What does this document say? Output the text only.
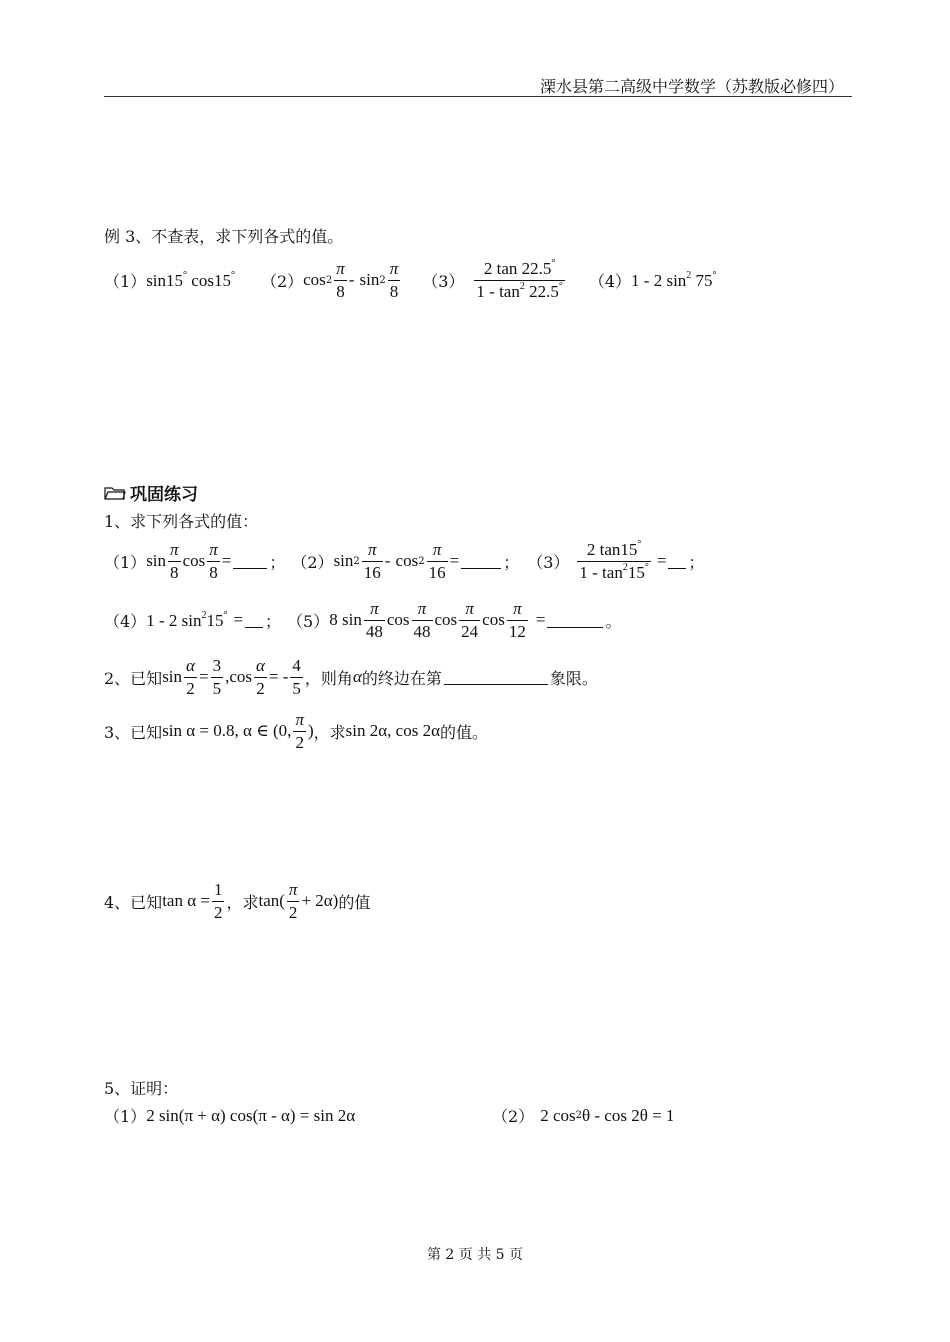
溧水县第二高级中学数学（苏教版必修四）
例 3、不查表，求下列各式的值。
（1） sin15° cos15° （2） cos 2
π
8
-
sin 2
π
8
（3）
2 tan 22.5°
$1 - \tan^2 22.5^\circ$ （4） 1 - 2 $\sin^2 75^\circ$
巩固练习
1、求下列各式的值：
（1） sin
π
8
$\cos \frac{\pi}{8}$ = ； （2） sin 2
π
16
-
$\cos 2 \frac{\pi}{16}$ =	； $(3) \frac{2 \tan 15^\circ}{1 - \tan^215^\circ}$ = ；
（4） 1 - 2 $\sin^215^\circ$ = ； （5） 8 sin
π
48
cos
π
48
cos
π
24
$\cos \frac{\pi}{12}$ =	。
2、已知 $\sin \frac{\alpha}{2} = \frac{3}{5}$ , $\cos \frac{\alpha}{2}$ = -
4
5
，则角 α 的终边在第	象限。
3、已知 sin α = 0.8, α ∈ (0,
π
2
) ，求 sin 2α, cos 2α 的值。
4、已知 $\tan \alpha = \frac{1}{2}$ ，求 tan(
π
2
+ 2α) 的值
5、证明：
（1） 2 sin(π + α) cos(π - α) = sin 2α	（2） 2 cos 2 θ - cos 2θ = 1
第 2 页 共 5 页
